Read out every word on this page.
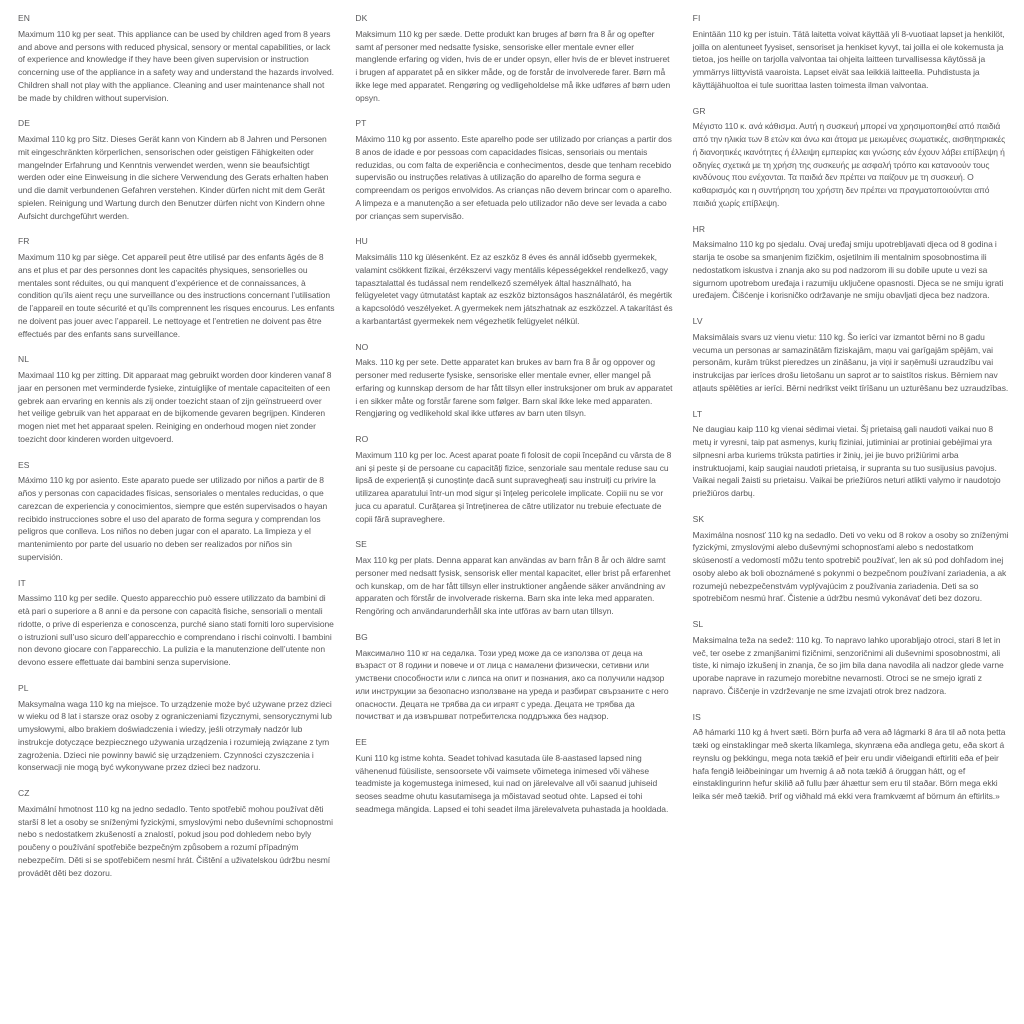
EN

Maximum 110 kg per seat. This appliance can be used by children aged from 8 years and above and persons with reduced physical, sensory or mental capabilities, or lack of experience and knowledge if they have been given supervision or instruction concerning use of the appliance in a safety way and understand the hazards involved. Children shall not play with the appliance. Cleaning and user maintenance shall not be made by children without supervision.

DE

Maximal 110 kg pro Sitz. Dieses Gerät kann von Kindern ab 8 Jahren und Personen mit eingeschränkten körperlichen, sensorischen oder geistigen Fähigkeiten oder mangelnder Erfahrung und Kenntnis verwendet werden, wenn sie beaufsichtigt werden oder eine Einweisung in die sichere Verwendung des Gerats erhalten haben und die damit verbundenen Gefahren verstehen. Kinder dürfen nicht mit dem Gerät spielen. Reinigung und Wartung durch den Benutzer dürfen nicht von Kindern ohne Aufsicht durchgeführt werden.

FR

Maximum 110 kg par siège. Cet appareil peut être utilisé par des enfants âgés de 8 ans et plus et par des personnes dont les capacités physiques, sensorielles ou mentales sont réduites, ou qui manquent d’expérience et de connaissances, à condition qu’ils aient reçu une surveillance ou des instructions concernant l’utilisation de l’appareil en toute sécurité et qu’ils comprennent les risques encourus. Les enfants ne doivent pas jouer avec l’appareil. Le nettoyage et l’entretien ne doivent pas être effectués par des enfants sans surveillance.

NL

Maximaal 110 kg per zitting. Dit apparaat mag gebruikt worden door kinderen vanaf 8 jaar en personen met verminderde fysieke, zintuiglijke of mentale capaciteiten of een gebrek aan ervaring en kennis als zij onder toezicht staan of zijn geïnstrueerd over het veilige gebruik van het apparaat en de bijkomende gevaren begrijpen. Kinderen mogen niet met het apparaat spelen. Reiniging en onderhoud mogen niet zonder toezicht door kinderen worden uitgevoerd.

ES

Máximo 110 kg por asiento. Este aparato puede ser utilizado por niños a partir de 8 años y personas con capacidades físicas, sensoriales o mentales reducidas, o que carezcan de experiencia y conocimientos, siempre que estén supervisados o hayan recibido instrucciones sobre el uso del aparato de forma segura y comprendan los peligros que conlleva. Los niños no deben jugar con el aparato. La limpieza y el mantenimiento por parte del usuario no deben ser realizados por niños sin supervisión.

IT

Massimo 110 kg per sedile. Questo apparecchio può essere utilizzato da bambini di età pari o superiore a 8 anni e da persone con capacità fisiche, sensoriali o mentali ridotte, o prive di esperienza e conoscenza, purché siano stati forniti loro supervisione o istruzioni sull’uso sicuro dell’apparecchio e comprendano i rischi coinvolti. I bambini non devono giocare con l’apparecchio. La pulizia e la manutenzione dell’utente non devono essere effettuate dai bambini senza supervisione.

PL

Maksymalna waga 110 kg na miejsce. To urządzenie może być używane przez dzieci w wieku od 8 lat i starsze oraz osoby z ograniczeniami fizycznymi, sensorycznymi lub umysłowymi, albo brakiem doświadczenia i wiedzy, jeśli otrzymały nadzór lub instrukcje dotyczące bezpiecznego używania urządzenia i rozumieją związane z tym zagrożenia. Dzieci nie powinny bawić się urządzeniem. Czynności czyszczenia i konserwacji nie mogą być wykonywane przez dzieci bez nadzoru.

CZ

Maximální hmotnost 110 kg na jedno sedadlo. Tento spotřebič mohou používat děti starší 8 let a osoby se sníženými fyzickými, smyslovými nebo duševními schopnostmi nebo s nedostatkem zkušeností a znalostí, pokud jsou pod dohledem nebo byly poučeny o používání spotřebiče bezpečným způsobem a rozumí případným nebezpečím. Děti si se spotřebičem nesmí hrát. Čištění a uživatelskou údržbu nesmí provádět děti bez dozoru.

DK

Maksimum 110 kg per sæde. Dette produkt kan bruges af børn fra 8 år og opefter samt af personer med nedsatte fysiske, sensoriske eller mentale evner eller manglende erfaring og viden, hvis de er under opsyn, eller hvis de er blevet instrueret i brugen af apparatet på en sikker måde, og de forstår de involverede farer. Børn må ikke lege med apparatet. Rengøring og vedligeholdelse må ikke udføres af børn uden opsyn.

PT

Máximo 110 kg por assento. Este aparelho pode ser utilizado por crianças a partir dos 8 anos de idade e por pessoas com capacidades físicas, sensoriais ou mentais reduzidas, ou com falta de experiência e conhecimentos, desde que tenham recebido supervisão ou instruções relativas à utilização do aparelho de forma segura e compreendam os perigos envolvidos. As crianças não devem brincar com o aparelho. A limpeza e a manutenção a ser efetuada pelo utilizador não deve ser levada a cabo por crianças sem supervisão.

HU

Maksimális 110 kg ülésenként. Ez az eszköz 8 éves és annál idősebb gyermekek, valamint csökkent fizikai, érzékszervi vagy mentális képességekkel rendelkező, vagy tapasztalattal és tudással nem rendelkező személyek által használható, ha felügyeletet vagy útmutatást kaptak az eszköz biztonságos használatáról, és megértik a kapcsolódó veszélyeket. A gyermekek nem játszhatnak az eszközzel. A takarítást és a karbantartást gyermekek nem végezhetik felügyelet nélkül.

NO

Maks. 110 kg per sete. Dette apparatet kan brukes av barn fra 8 år og oppover og personer med reduserte fysiske, sensoriske eller mentale evner, eller mangel på erfaring og kunnskap dersom de har fått tilsyn eller instruksjoner om bruk av apparatet i en sikker måte og forstår farene som følger. Barn skal ikke leke med apparaten. Rengjøring og vedlikehold skal ikke utføres av barn uten tilsyn.

RO

Maximum 110 kg per loc. Acest aparat poate fi folosit de copii începând cu vârsta de 8 ani și peste și de persoane cu capacități fizice, senzoriale sau mentale reduse sau cu lipsă de experiență și cunoștințe dacă sunt supravegheați sau instruiți cu privire la utilizarea aparatului într-un mod sigur și înțeleg pericolele implicate. Copiii nu se vor juca cu aparatul. Curățarea și întreținerea de către utilizator nu trebuie efectuate de copii fără supraveghere.

SE

Max 110 kg per plats. Denna apparat kan användas av barn från 8 år och äldre samt personer med nedsatt fysisk, sensorisk eller mental kapacitet, eller brist på erfarenhet och kunskap, om de har fått tillsyn eller instruktioner angående säker användning av apparaten och förstår de involverade riskerna. Barn ska inte leka med apparaten. Rengöring och användarunderhåll ska inte utföras av barn utan tillsyn.

BG

Максимално 110 кг на седалка. Този уред може да се използва от деца на възраст от 8 години и повече и от лица с намалени физически, сетивни или умствени способности или с липса на опит и познания, ако са получили надзор или инструкции за безопасно използване на уреда и разбират свързаните с него опасности. Децата не трябва да си играят с уреда. Децата не трябва да почистват и да извършват потребителска поддръжка без надзор.

EE

Kuni 110 kg istme kohta. Seadet tohivad kasutada üle 8-aastased lapsed ning vähenenud füüsiliste, sensoorsete või vaimsete võimetega inimesed või vähese teadmiste ja kogemustega inimesed, kui nad on järelevalve all või saanud juhiseid seoses seadme ohutu kasutamisega ja mõistavad seotud ohte. Lapsed ei tohi seadmega mängida. Lapsed ei tohi seadet ilma järelevalveta puhastada ja hooldada.

FI

Enintään 110 kg per istuin. Tätä laitetta voivat käyttää yli 8-vuotiaat lapset ja henkilöt, joilla on alentuneet fyysiset, sensoriset ja henkiset kyvyt, tai joilla ei ole kokemusta ja tietoa, jos heille on tarjolla valvontaa tai ohjeita laitteen turvallisessa käytössä ja ymmärrys liittyvistä vaaroista. Lapset eivät saa leikkiä laitteella. Puhdistusta ja käyttäjähuoltoa ei tule suorittaa lasten toimesta ilman valvontaa.

GR

Μέγιστο 110 κ. ανά κάθισμα. Αυτή η συσκευή μπορεί να χρησιμοποιηθεί από παιδιά από την ηλικία των 8 ετών και άνω και άτομα με μειωμένες σωματικές, αισθητηριακές ή διανοητικές ικανότητες ή έλλειψη εμπειρίας και γνώσης εάν έχουν λάβει επίβλεψη ή οδηγίες σχετικά με τη χρήση της συσκευής με ασφαλή τρόπο και κατανοούν τους κινδύνους που ενέχονται. Τα παιδιά δεν πρέπει να παίζουν με τη συσκευή. Ο καθαρισμός και η συντήρηση του χρήστη δεν πρέπει να πραγματοποιούνται από παιδιά χωρίς επίβλεψη.

HR

Maksimalno 110 kg po sjedalu. Ovaj uređaj smiju upotrebljavati djeca od 8 godina i starija te osobe sa smanjenim fizičkim, osjetilnim ili mentalnim sposobnostima ili nedostatkom iskustva i znanja ako su pod nadzorom ili su dobile upute u vezi sa sigurnom upotrebom uređaja i razumiju uključene opasnosti. Djeca se ne smiju igrati uređajem. Čišćenje i korisničko održavanje ne smiju obavljati djeca bez nadzora.

LV

Maksimālais svars uz vienu vietu: 110 kg. Šo ierīci var izmantot bērni no 8 gadu vecuma un personas ar samazinātām fiziskajām, maņu vai garīgajām spējām, vai personām, kurām trūkst pieredzes un zināšanu, ja viņi ir saņēmuši uzraudzību vai instrukcijas par ierīces drošu lietošanu un saprot ar to saistītos riskus. Bērniem nav atļauts spēlēties ar ierīci. Bērni nedrīkst veikt tīrīšanu un uzturēšanu bez uzraudzības.

LT

Ne daugiau kaip 110 kg vienai sėdimai vietai. Šį prietaisą gali naudoti vaikai nuo 8 metų ir vyresni, taip pat asmenys, kurių fiziniai, jutiminiai ar protiniai gebėjimai yra silpnesni arba kuriems trūksta patirties ir žinių, jei jie buvo prižiūrimi arba instruktuojami, kaip saugiai naudoti prietaisą, ir supranta su tuo susijusius pavojus. Vaikai negali žaisti su prietaisu. Vaikai be priežiūros neturi atlikti valymo ir naudotojo priežiūros darbų.

SK

Maximálna nosnosť 110 kg na sedadlo. Deti vo veku od 8 rokov a osoby so zníženými fyzickými, zmyslovými alebo duševnými schopnosťami alebo s nedostatkom skúseností a vedomostí môžu tento spotrebič používať, len ak sú pod dohľadom inej osoby alebo ak boli oboznámené s pokynmi o bezpečnom používaní zariadenia, a ak rozumejú nebezpečenstvám vyplývajúcim z používania zariadenia. Deti sa so spotrebičom nesmú hrať. Čistenie a údržbu nesmú vykonávať deti bez dozoru.

SL

Maksimalna teža na sedež: 110 kg. To napravo lahko uporabljajo otroci, stari 8 let in več, ter osebe z zmanjšanimi fizičnimi, senzoričnimi ali duševnimi sposobnostmi, ali tiste, ki nimajo izkušenj in znanja, če so jim bila dana navodila ali nadzor glede varne uporabe naprave in razumejo morebitne nevarnosti. Otroci se ne smejo igrati z napravo. Čiščenje in vzdrževanje ne sme izvajati otrok brez nadzora.

IS

Að hámarki 110 kg á hvert sæti. Börn þurfa að vera að lágmarki 8 ára til að nota þetta tæki og einstaklingar með skerta líkamlega, skynræna eða andlega getu, eða skort á reynslu og þekkingu, mega nota tækið ef þeir eru undir viðeigandi eftirliti eða ef þeir hafa fengið leiðbeiningar um hvernig á að nota tækið á öruggan hátt, og ef einstaklingurinn hefur skilið að fullu þær áhættur sem eru til staðar. Börn mega ekki leika sér með tækið. Þrif og viðhald má ekki vera framkvæmt af börnum án eftirlits.»
